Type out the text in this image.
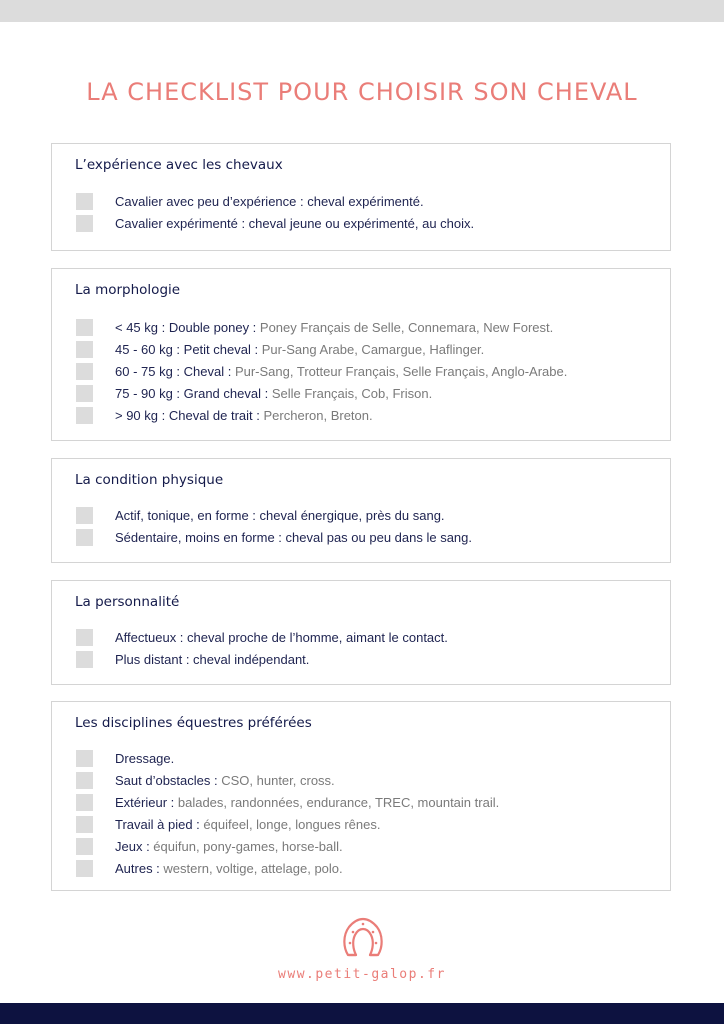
LA CHECKLIST POUR CHOISIR SON CHEVAL
L’expérience avec les chevaux
Cavalier avec peu d’expérience : cheval expérimenté.
Cavalier expérimenté : cheval jeune ou expérimenté, au choix.
La morphologie
< 45 kg : Double poney : Poney Français de Selle, Connemara, New Forest.
45 - 60 kg : Petit cheval : Pur-Sang Arabe, Camargue, Haflinger.
60 - 75 kg : Cheval : Pur-Sang, Trotteur Français, Selle Français, Anglo-Arabe.
75 - 90 kg : Grand cheval : Selle Français, Cob, Frison.
> 90 kg : Cheval de trait : Percheron, Breton.
La condition physique
Actif, tonique, en forme : cheval énergique, près du sang.
Sédentaire, moins en forme : cheval pas ou peu dans le sang.
La personnalité
Affectueux : cheval proche de l’homme, aimant le contact.
Plus distant : cheval indépendant.
Les disciplines équestres préférées
Dressage.
Saut d’obstacles : CSO, hunter, cross.
Extérieur : balades, randonnées, endurance, TREC, mountain trail.
Travail à pied : équifeel, longe, longues rênes.
Jeux : équifun, pony-games, horse-ball.
Autres : western, voltige, attelage, polo.
www.petit-galop.fr
